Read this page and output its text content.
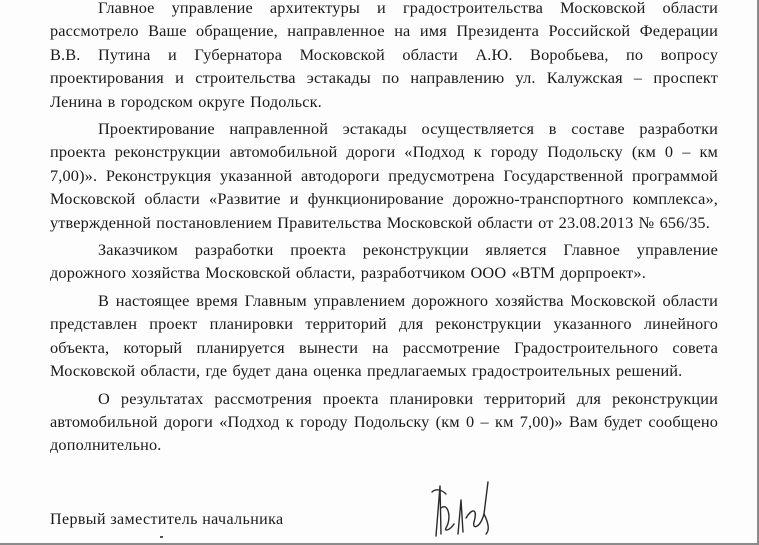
Главное управление архитектуры и градостроительства Московской области рассмотрело Ваше обращение, направленное на имя Президента Российской Федерации В.В. Путина и Губернатора Московской области А.Ю. Воробьева, по вопросу проектирования и строительства эстакады по направлению ул. Калужская – проспект Ленина в городском округе Подольск.

Проектирование направленной эстакады осуществляется в составе разработки проекта реконструкции автомобильной дороги «Подход к городу Подольску (км 0 – км 7,00)». Реконструкция указанной автодороги предусмотрена Государственной программой Московской области «Развитие и функционирование дорожно-транспортного комплекса», утвержденной постановлением Правительства Московской области от 23.08.2013 № 656/35.

Заказчиком разработки проекта реконструкции является Главное управление дорожного хозяйства Московской области, разработчиком ООО «ВТМ дорпроект».

В настоящее время Главным управлением дорожного хозяйства Московской области представлен проект планировки территорий для реконструкции указанного линейного объекта, который планируется вынести на рассмотрение Градостроительного совета Московской области, где будет дана оценка предлагаемых градостроительных решений.

О результатах рассмотрения проекта планировки территорий для реконструкции автомобильной дороги «Подход к городу Подольску (км 0 – км 7,00)» Вам будет сообщено дополнительно.

Первый заместитель начальника
